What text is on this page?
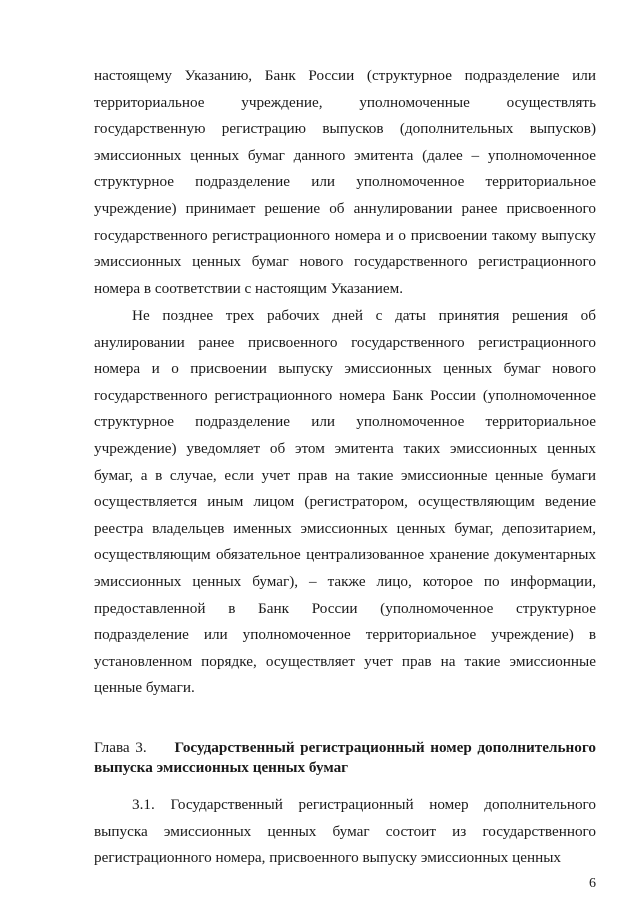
настоящему Указанию, Банк России (структурное подразделение или территориальное учреждение, уполномоченные осуществлять государственную регистрацию выпусков (дополнительных выпусков) эмиссионных ценных бумаг данного эмитента (далее – уполномоченное структурное подразделение или уполномоченное территориальное учреждение) принимает решение об аннулировании ранее присвоенного государственного регистрационного номера и о присвоении такому выпуску эмиссионных ценных бумаг нового государственного регистрационного номера в соответствии с настоящим Указанием.

Не позднее трех рабочих дней с даты принятия решения об анулировании ранее присвоенного государственного регистрационного номера и о присвоении выпуску эмиссионных ценных бумаг нового государственного регистрационного номера Банк России (уполномоченное структурное подразделение или уполномоченное территориальное учреждение) уведомляет об этом эмитента таких эмиссионных ценных бумаг, а в случае, если учет прав на такие эмиссионные ценные бумаги осуществляется иным лицом (регистратором, осуществляющим ведение реестра владельцев именных эмиссионных ценных бумаг, депозитарием, осуществляющим обязательное централизованное хранение документарных эмиссионных ценных бумаг), – также лицо, которое по информации, предоставленной в Банк России (уполномоченное структурное подразделение или уполномоченное территориальное учреждение) в установленном порядке, осуществляет учет прав на такие эмиссионные ценные бумаги.

Глава 3. Государственный регистрационный номер дополнительного выпуска эмиссионных ценных бумаг

3.1. Государственный регистрационный номер дополнительного выпуска эмиссионных ценных бумаг состоит из государственного регистрационного номера, присвоенного выпуску эмиссионных ценных

6
